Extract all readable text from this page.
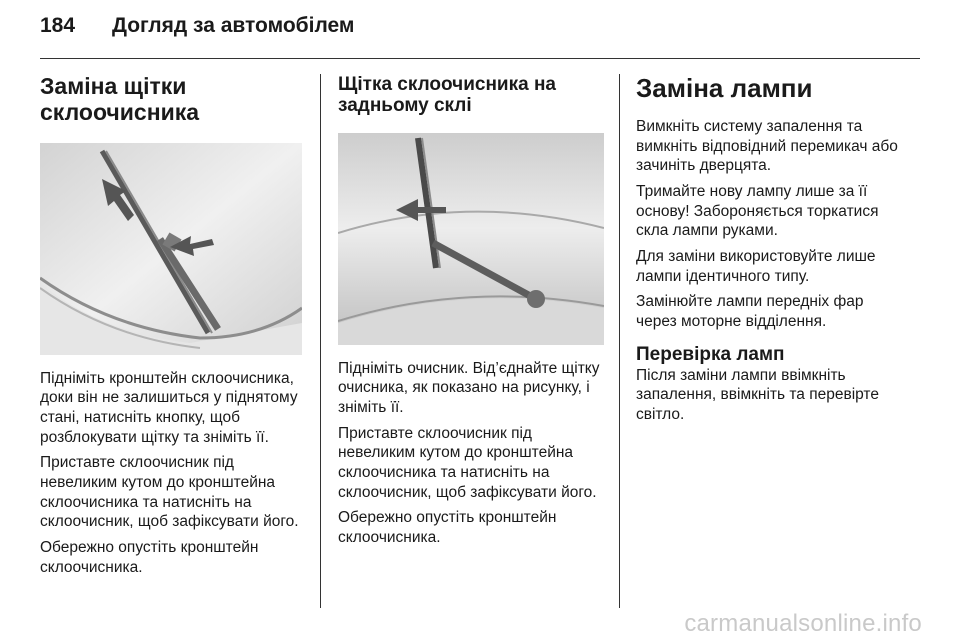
184	Догляд за автомобілем
Заміна щітки
склоочисника

Підніміть кронштейн склоочисника, доки він не залишиться у піднятому стані, натисніть кнопку, щоб розблокувати щітку та зніміть її.

Приставте склоочисник під невеликим кутом до кронштейна склоочисника та натисніть на склоочисник, щоб зафіксувати його.

Обережно опустіть кронштейн склоочисника.

Щітка склоочисника на
задньому склі

Підніміть очисник. Від’єднайте щітку очисника, як показано на рисунку, і зніміть її.

Приставте склоочисник під невеликим кутом до кронштейна склоочисника та натисніть на склоочисник, щоб зафіксувати його.

Обережно опустіть кронштейн склоочисника.

Заміна лампи

Вимкніть систему запалення та вимкніть відповідний перемикач або зачиніть дверцята.

Тримайте нову лампу лише за її основу! Забороняється торкатися скла лампи руками.

Для заміни використовуйте лише лампи ідентичного типу.

Замінюйте лампи передніх фар через моторне відділення.

Перевірка ламп

Після заміни лампи ввімкніть запалення, ввімкніть та перевірте світло.

carmanualsonline.info
